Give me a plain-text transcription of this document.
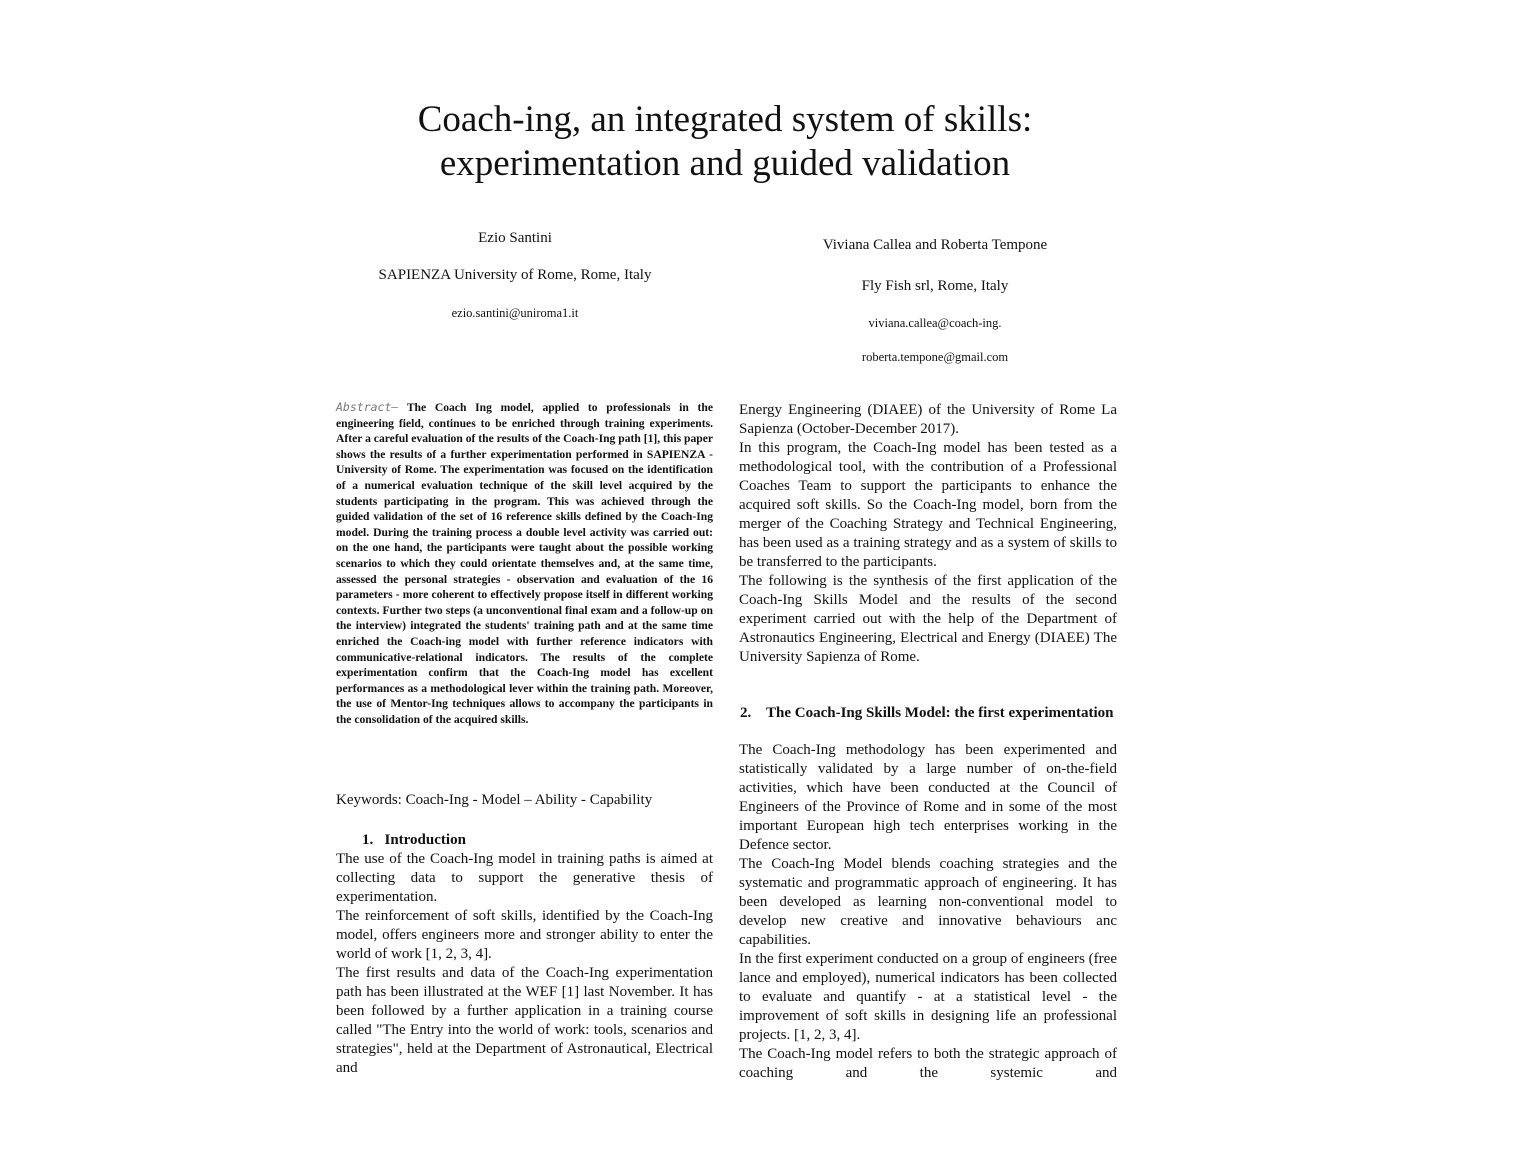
Coach-ing, an integrated system of skills:
experimentation and guided validation
Ezio Santini
SAPIENZA University of Rome, Rome, Italy
ezio.santini@uniroma1.it
Viviana Callea and Roberta Tempone
Fly Fish srl, Rome, Italy
viviana.callea@coach-ing.
roberta.tempone@gmail.com
Abstract— The Coach Ing model, applied to professionals in the engineering field, continues to be enriched through training experiments. After a careful evaluation of the results of the Coach-Ing path [1], this paper shows the results of a further experimentation performed in SAPIENZA - University of Rome. The experimentation was focused on the identification of a numerical evaluation technique of the skill level acquired by the students participating in the program. This was achieved through the guided validation of the set of 16 reference skills defined by the Coach-Ing model. During the training process a double level activity was carried out: on the one hand, the participants were taught about the possible working scenarios to which they could orientate themselves and, at the same time, assessed the personal strategies - observation and evaluation of the 16 parameters - more coherent to effectively propose itself in different working contexts. Further two steps (a unconventional final exam and a follow-up on the interview) integrated the students' training path and at the same time enriched the Coach-ing model with further reference indicators with communicative-relational indicators. The results of the complete experimentation confirm that the Coach-Ing model has excellent performances as a methodological lever within the training path. Moreover, the use of Mentor-Ing techniques allows to accompany the participants in the consolidation of the acquired skills.
Keywords: Coach-Ing - Model – Ability - Capability
1. Introduction

The use of the Coach-Ing model in training paths is aimed at collecting data to support the generative thesis of experimentation.

The reinforcement of soft skills, identified by the Coach-Ing model, offers engineers more and stronger ability to enter the world of work [1, 2, 3, 4].

The first results and data of the Coach-Ing experimentation path has been illustrated at the WEF [1] last November. It has been followed by a further application in a training course called "The Entry into the world of work: tools, scenarios and strategies", held at the Department of Astronautical, Electrical and

Energy Engineering (DIAEE) of the University of Rome La Sapienza (October-December 2017).

In this program, the Coach-Ing model has been tested as a methodological tool, with the contribution of a Professional Coaches Team to support the participants to enhance the acquired soft skills. So the Coach-Ing model, born from the merger of the Coaching Strategy and Technical Engineering, has been used as a training strategy and as a system of skills to be transferred to the participants.

The following is the synthesis of the first application of the Coach-Ing Skills Model and the results of the second experiment carried out with the help of the Department of Astronautics Engineering, Electrical and Energy (DIAEE) The University Sapienza of Rome.

2. The Coach-Ing Skills Model: the first experimentation

The Coach-Ing methodology has been experimented and statistically validated by a large number of on-the-field activities, which have been conducted at the Council of Engineers of the Province of Rome and in some of the most important European high tech enterprises working in the Defence sector.

The Coach-Ing Model blends coaching strategies and the systematic and programmatic approach of engineering. It has been developed as learning non-conventional model to develop new creative and innovative behaviours anc capabilities.

In the first experiment conducted on a group of engineers (free lance and employed), numerical indicators has been collected to evaluate and quantify - at a statistical level - the improvement of soft skills in designing life an professional projects. [1, 2, 3, 4].

The Coach-Ing model refers to both the strategic approach of coaching and the systemic and
